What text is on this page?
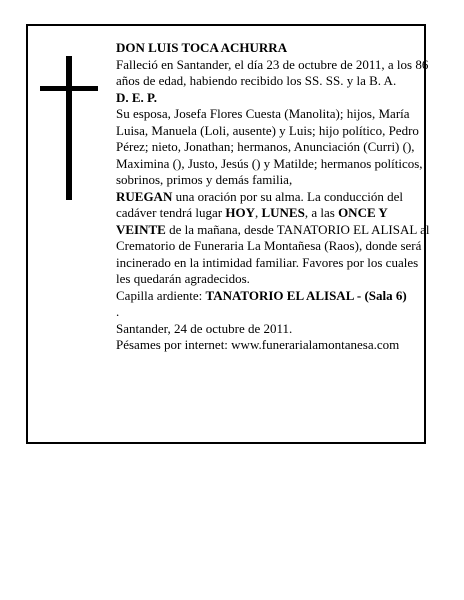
DON LUIS TOCA ACHURRA

Falleció en Santander, el día 23 de octubre de 2011, a los 86 años de edad, habiendo recibido los SS. SS. y la B. A.

D. E. P.

Su esposa, Josefa Flores Cuesta (Manolita); hijos, María Luisa, Manuela (Loli, ausente) y Luis; hijo político, Pedro Pérez; nieto, Jonathan; hermanos, Anunciación (Curri) (), Maximina (), Justo, Jesús () y Matilde; hermanos políticos, sobrinos, primos y demás familia,

RUEGAN una oración por su alma. La conducción del cadáver tendrá lugar HOY, LUNES, a las ONCE Y VEINTE de la mañana, desde TANATORIO EL ALISAL al Crematorio de Funeraria La Montañesa (Raos), donde será incinerado en la intimidad familiar. Favores por los cuales les quedarán agradecidos.

Capilla ardiente: TANATORIO EL ALISAL - (Sala 6)

.

Santander, 24 de octubre de 2011.

Pésames por internet: www.funerarialamontanesa.com
